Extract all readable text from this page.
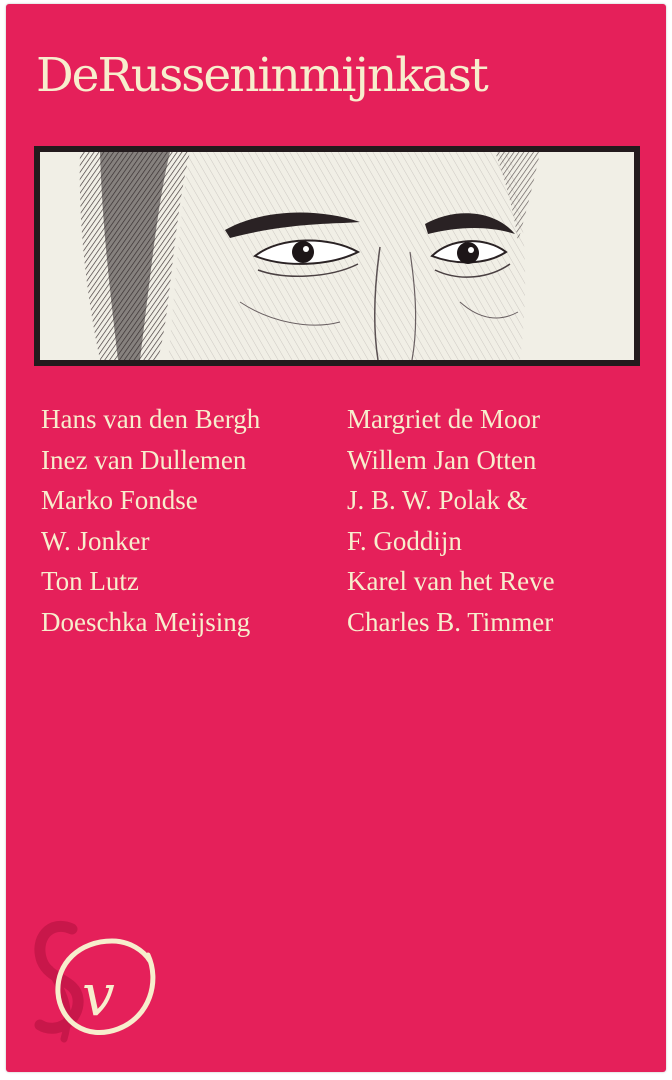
DeRusseninmijnkast
Hans van den Bergh
Inez van Dullemen
Marko Fondse
W. Jonker
Ton Lutz
Doeschka Meijsing
Margriet de Moor
Willem Jan Otten
J. B. W. Polak &
F. Goddijn
Karel van het Reve
Charles B. Timmer
v
